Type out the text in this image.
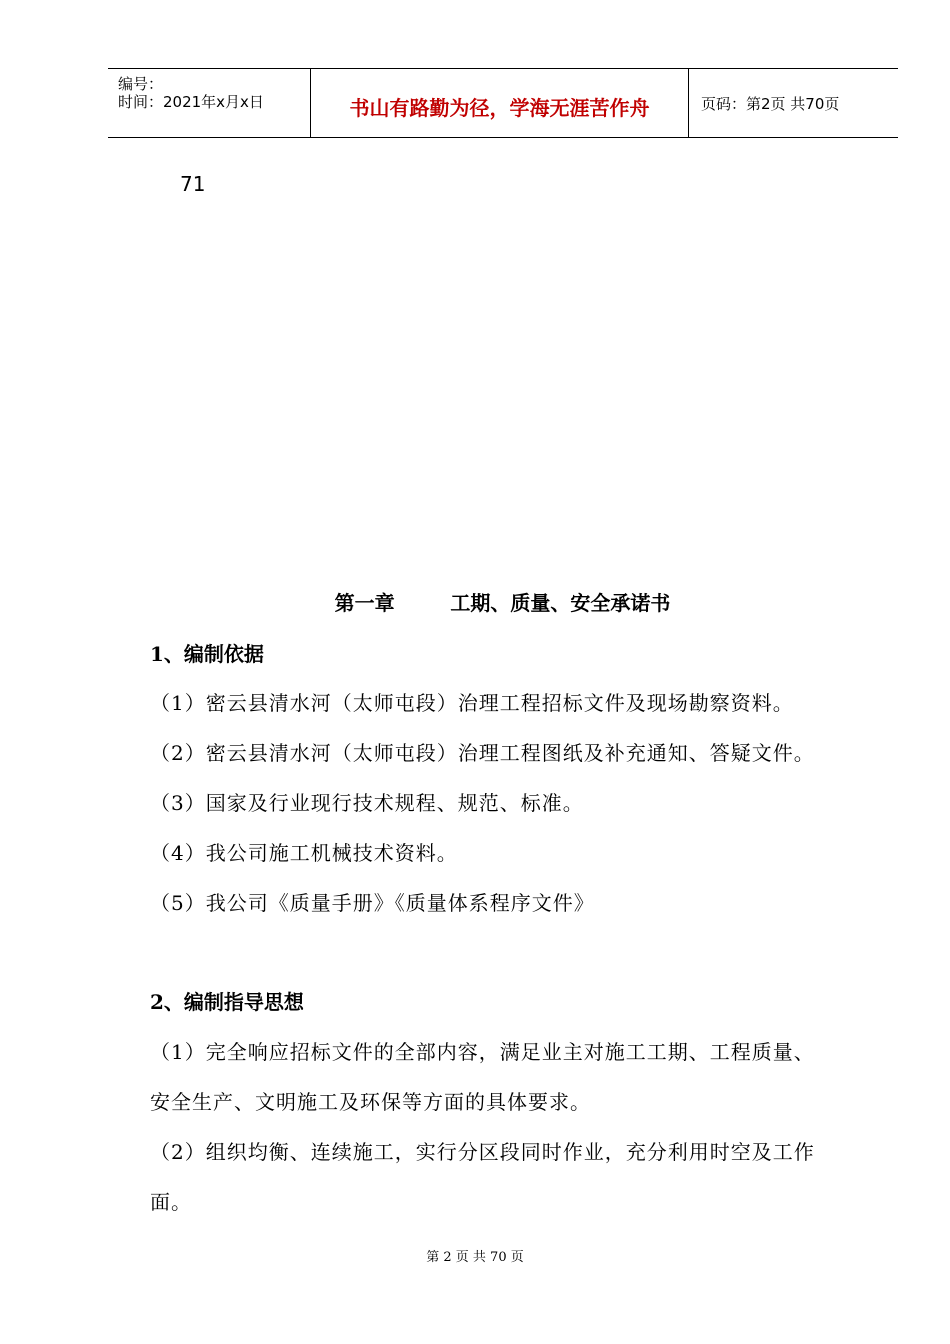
编号：
时间：2021年x月x日	书山有路勤为径，学海无涯苦作舟	页码：第2页 共70页
71
第一章        工期、质量、安全承诺书
1、编制依据
（1）密云县清水河（太师屯段）治理工程招标文件及现场勘察资料。
（2）密云县清水河（太师屯段）治理工程图纸及补充通知、答疑文件。
（3）国家及行业现行技术规程、规范、标准。
（4）我公司施工机械技术资料。
（5）我公司《质量手册》《质量体系程序文件》
2、编制指导思想
（1）完全响应招标文件的全部内容，满足业主对施工工期、工程质量、
安全生产、文明施工及环保等方面的具体要求。
（2）组织均衡、连续施工，实行分区段同时作业，充分利用时空及工作
面。
第 2 页 共 70 页
